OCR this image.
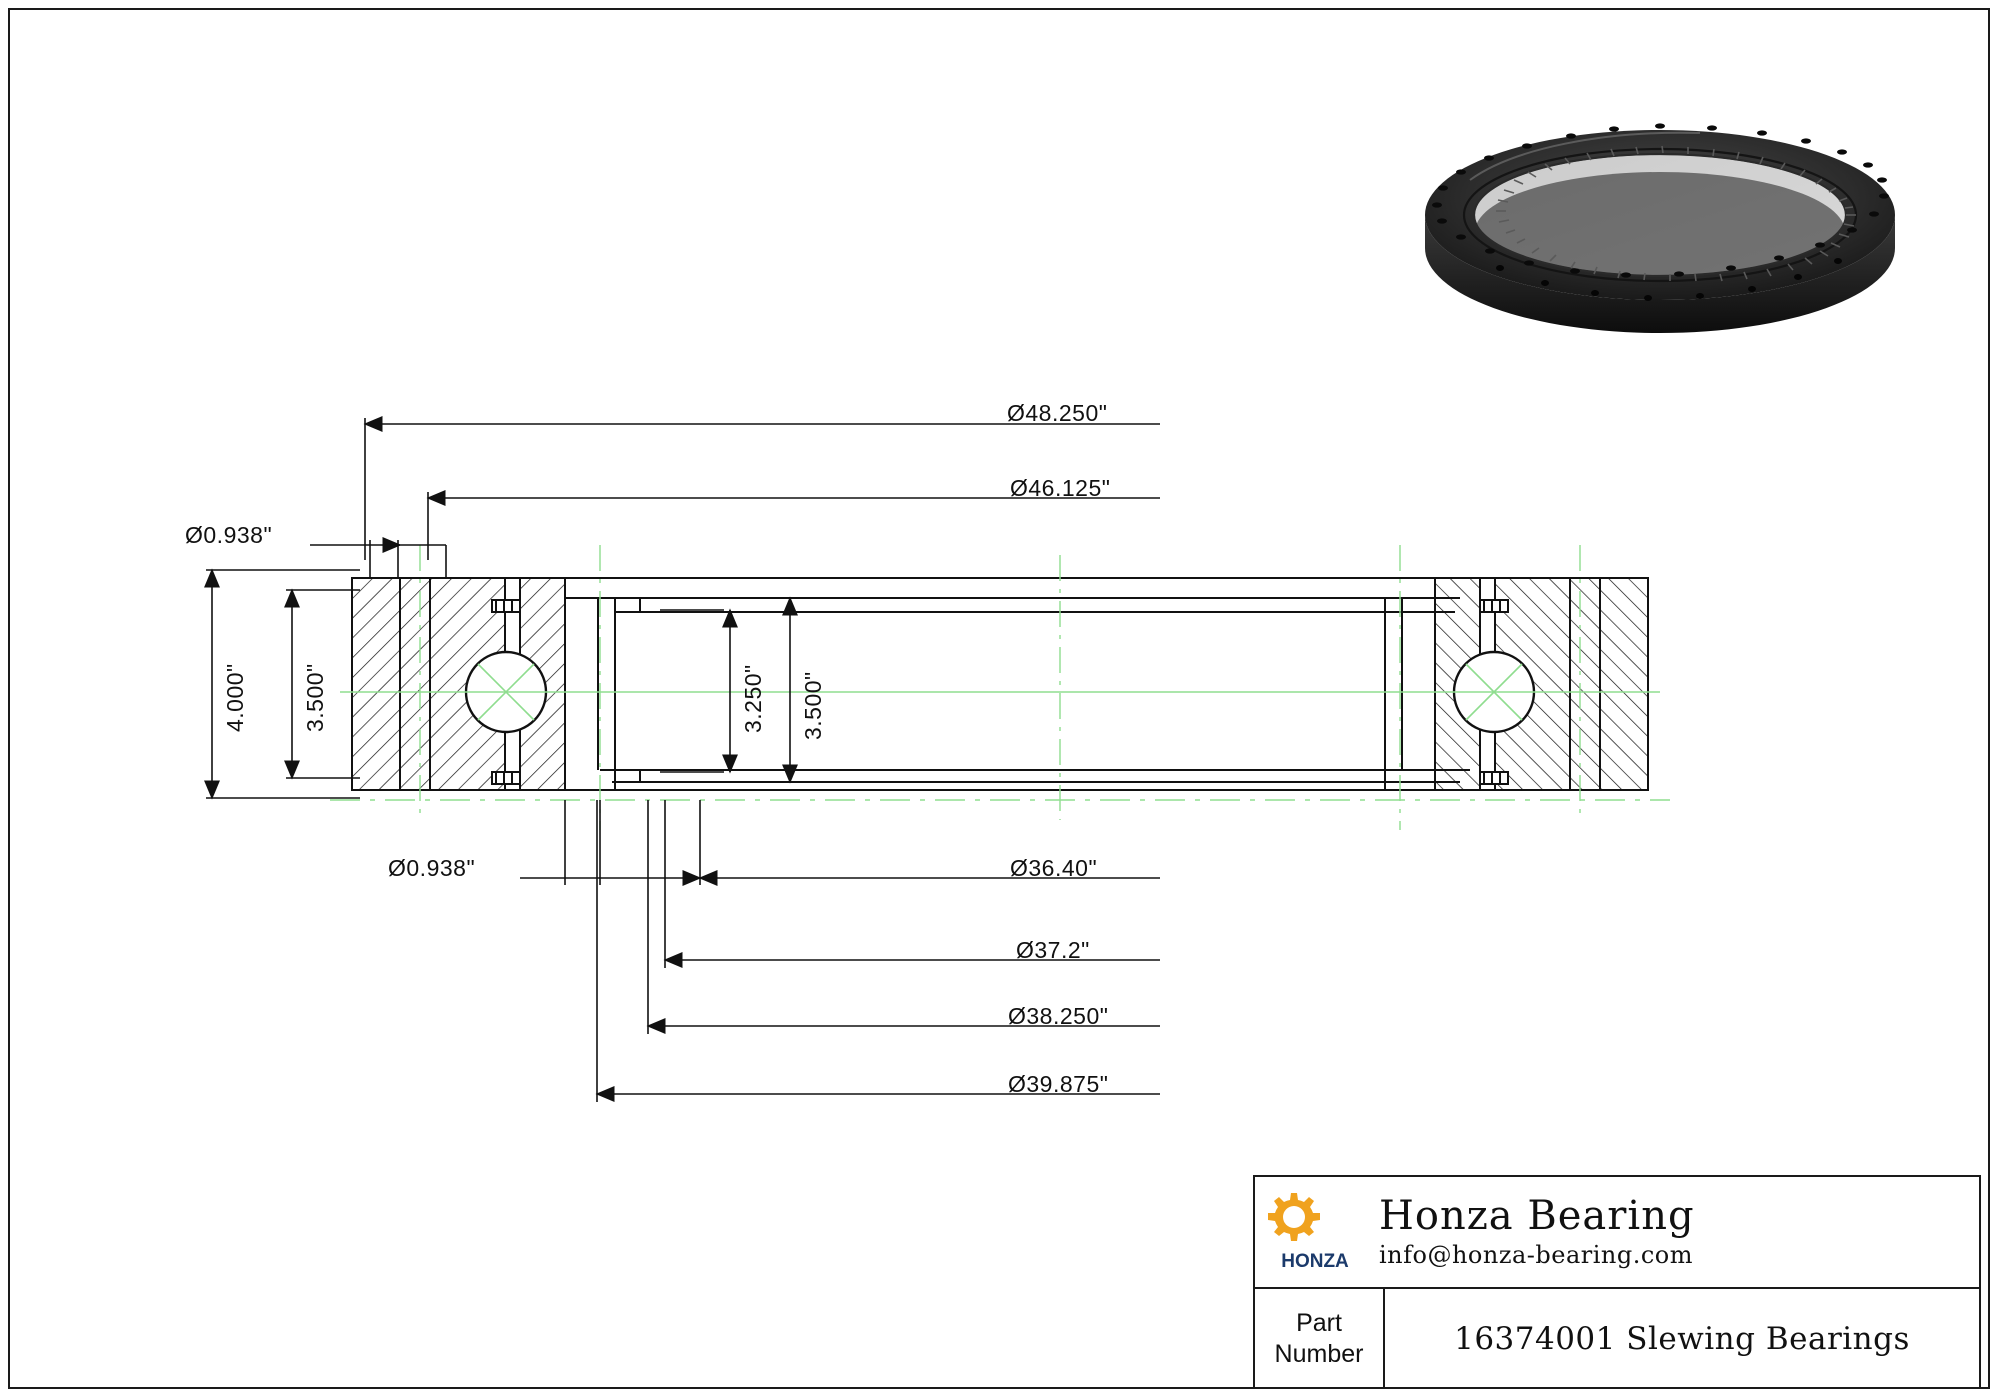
Ø48.250"
Ø46.125"
Ø0.938"
4.000" 3.500"	3.250" 3.500"
Ø0.938"	Ø36.40"
Ø37.2"
Ø38.250"
Ø39.875"
HONZA
Honza Bearing
info@honza-bearing.com
Part
Number	16374001 Slewing Bearings
